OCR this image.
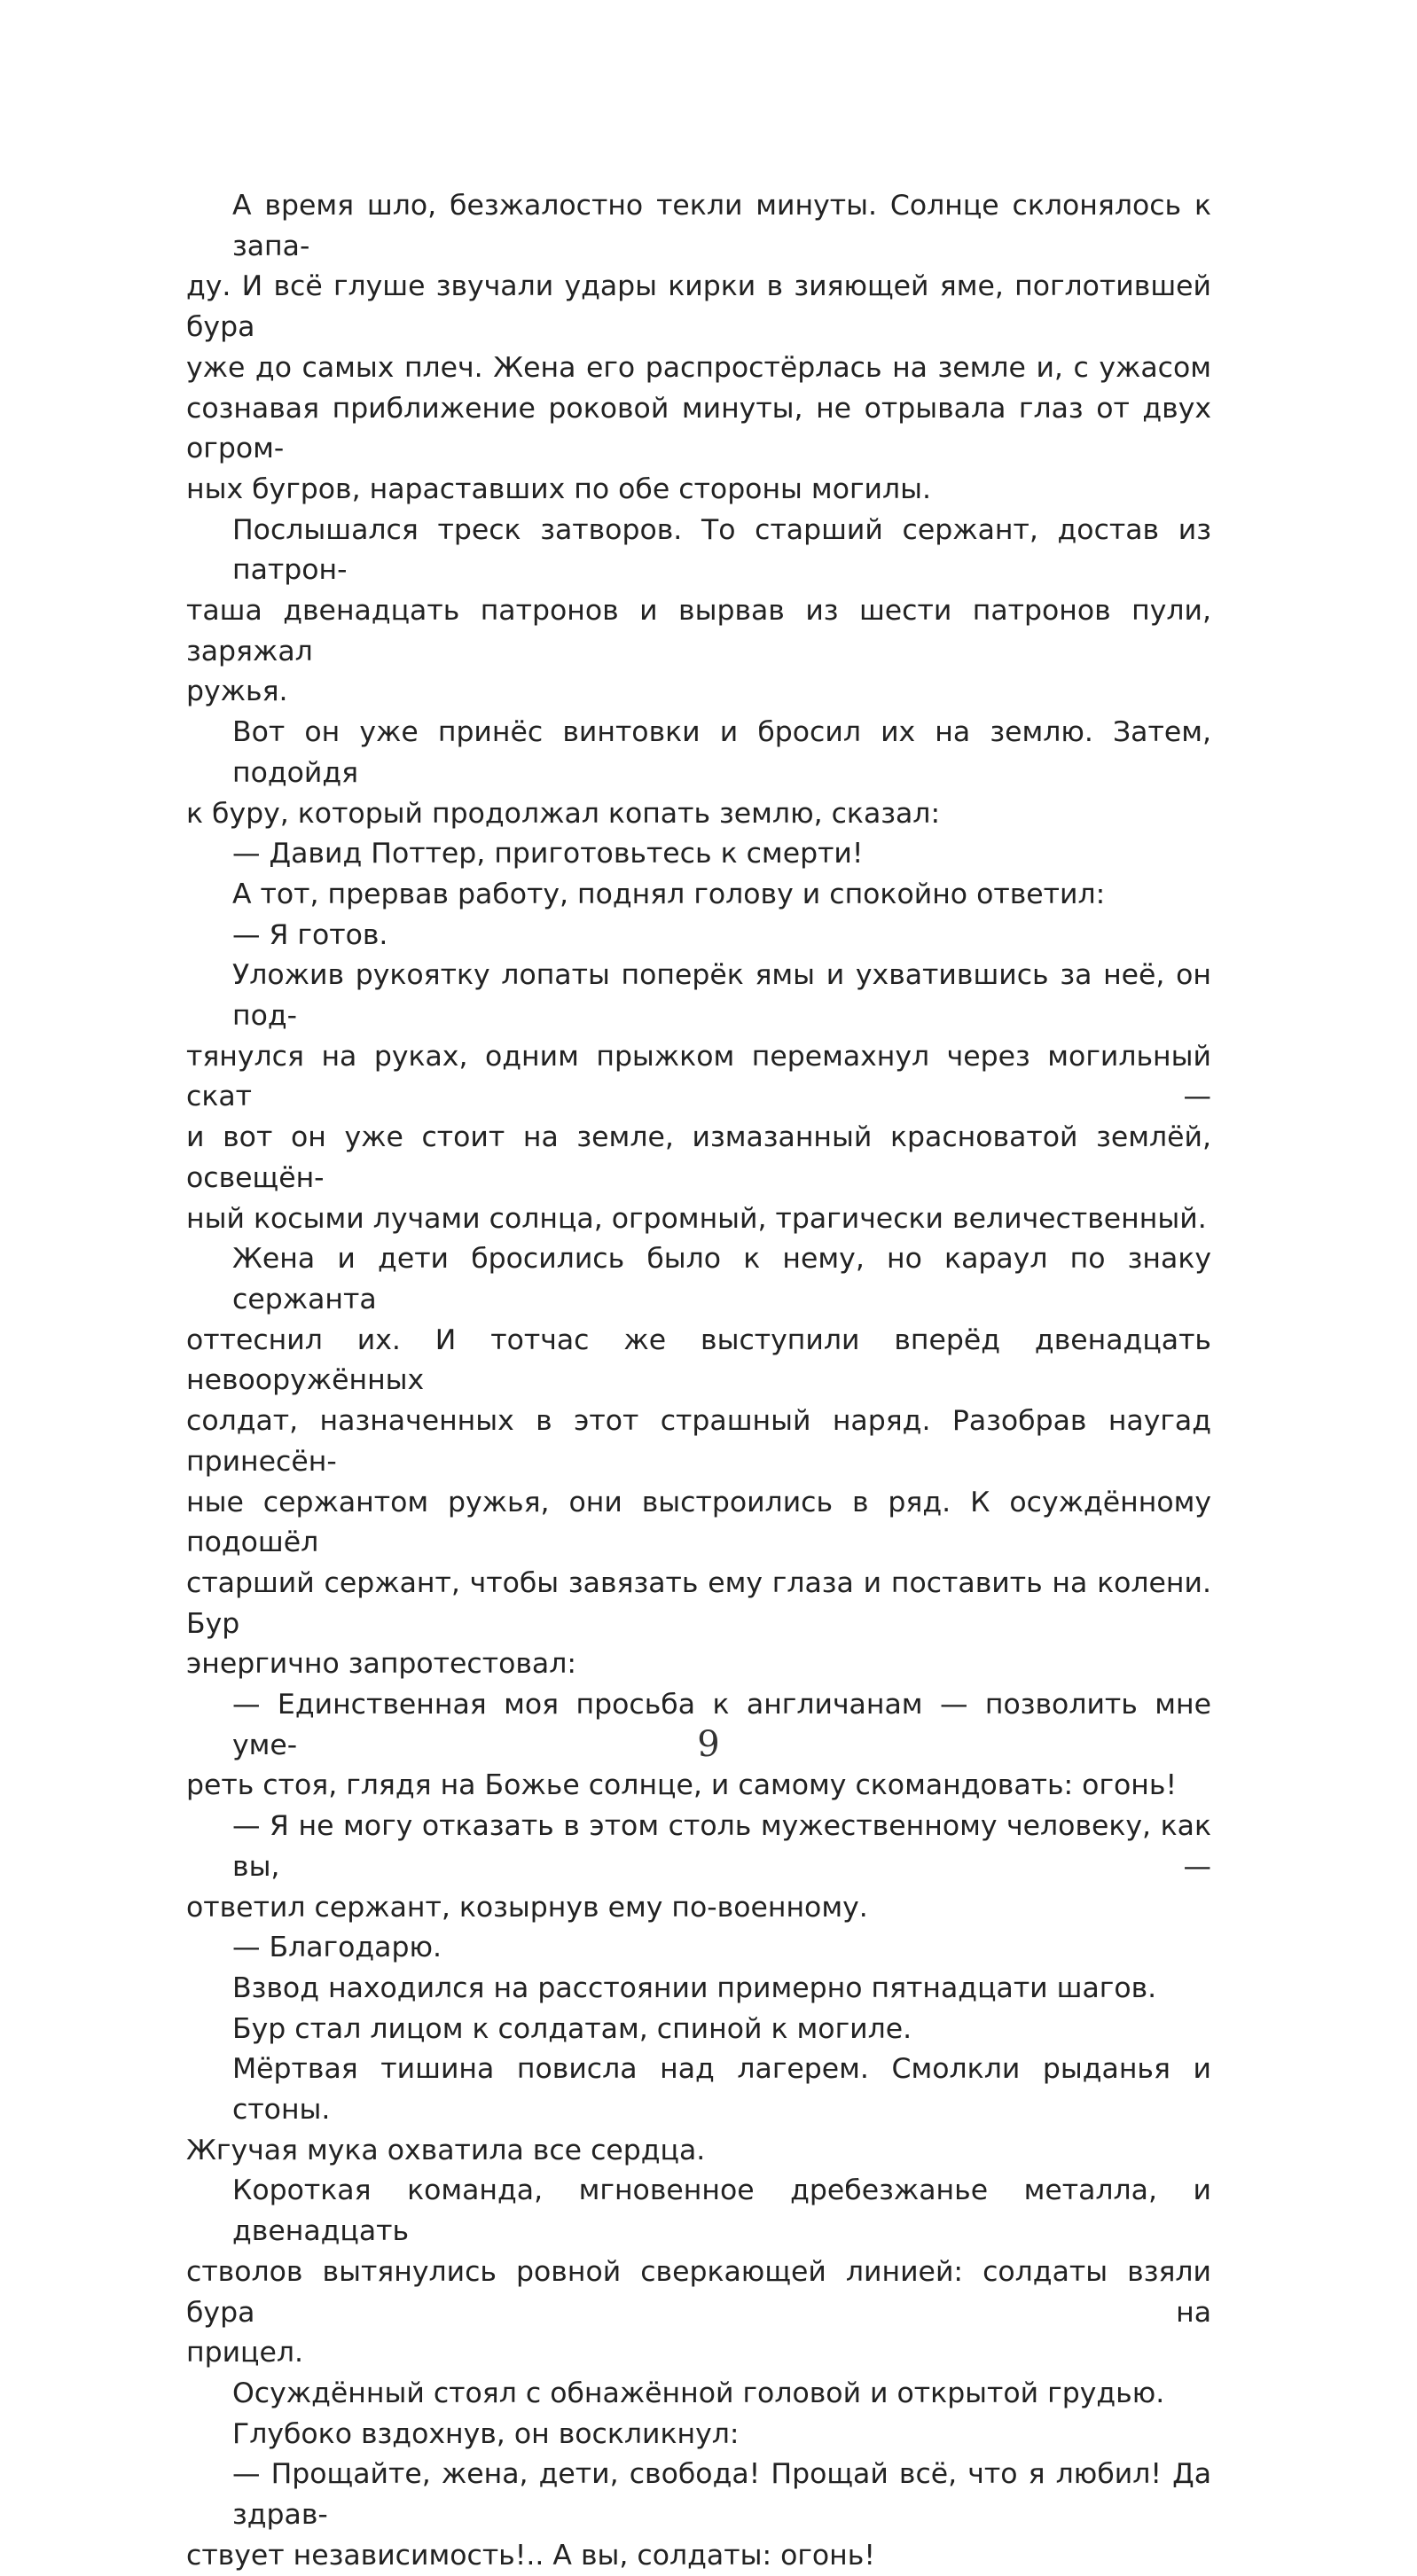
А время шло, безжалостно текли минуты. Солнце склонялось к запа-
ду. И всё глуше звучали удары кирки в зияющей яме, поглотившей бура
уже до самых плеч. Жена его распростёрлась на земле и, с ужасом
сознавая приближение роковой минуты, не отрывала глаз от двух огром-
ных бугров, нараставших по обе стороны могилы.
Послышался треск затворов. То старший сержант, достав из патрон-
таша двенадцать патронов и вырвав из шести патронов пули, заряжал
ружья.
Вот он уже принёс винтовки и бросил их на землю. Затем, подойдя
к буру, который продолжал копать землю, сказал:
— Давид Поттер, приготовьтесь к смерти!
А тот, прервав работу, поднял голову и спокойно ответил:
— Я готов.
Уложив рукоятку лопаты поперёк ямы и ухватившись за неё, он под-
тянулся на руках, одним прыжком перемахнул через могильный скат —
и вот он уже стоит на земле, измазанный красноватой землёй, освещён-
ный косыми лучами солнца, огромный, трагически величественный.
Жена и дети бросились было к нему, но караул по знаку сержанта
оттеснил их. И тотчас же выступили вперёд двенадцать невооружённых
солдат, назначенных в этот страшный наряд. Разобрав наугад принесён-
ные сержантом ружья, они выстроились в ряд. К осуждённому подошёл
старший сержант, чтобы завязать ему глаза и поставить на колени. Бур
энергично запротестовал:
— Единственная моя просьба к англичанам — позволить мне уме-
реть стоя, глядя на Божье солнце, и самому скомандовать: огонь!
— Я не могу отказать в этом столь мужественному человеку, как вы, —
ответил сержант, козырнув ему по-военному.
— Благодарю.
Взвод находился на расстоянии примерно пятнадцати шагов.
Бур стал лицом к солдатам, спиной к могиле.
Мёртвая тишина повисла над лагерем. Смолкли рыданья и стоны.
Жгучая мука охватила все сердца.
Короткая команда, мгновенное дребезжанье металла, и двенадцать
стволов вытянулись ровной сверкающей линией: солдаты взяли бура на
прицел.
Осуждённый стоял с обнажённой головой и открытой грудью.
Глубоко вздохнув, он воскликнул:
— Прощайте, жена, дети, свобода! Прощай всё, что я любил! Да здрав-
ствует независимость!.. А вы, солдаты: огонь!
9
